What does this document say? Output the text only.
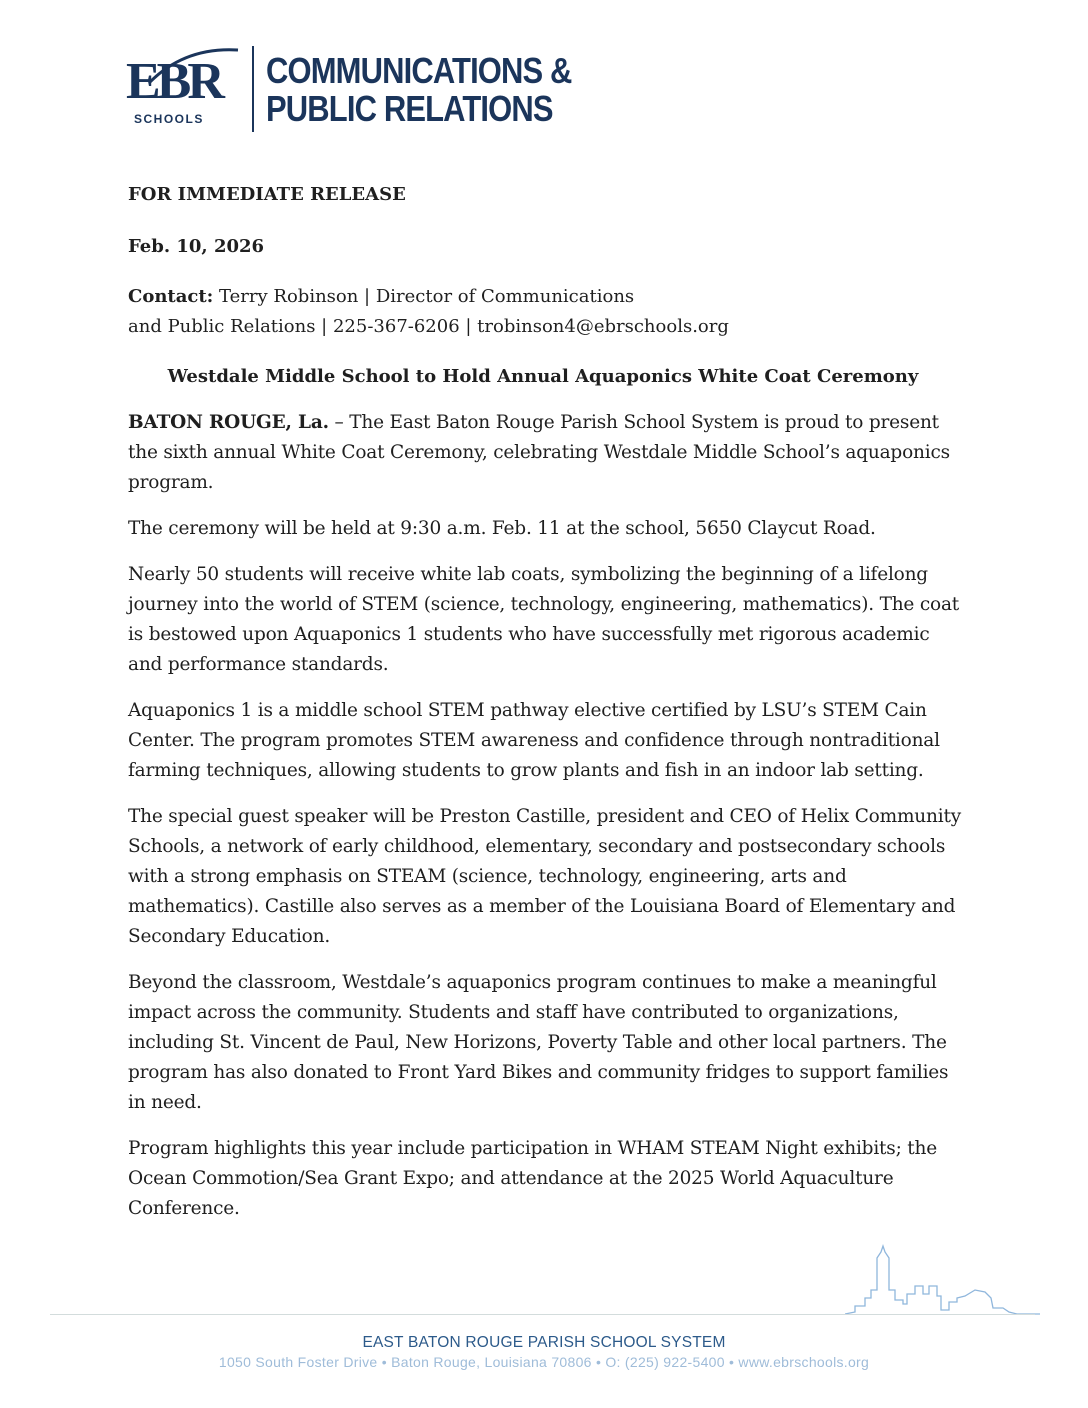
EBR
SCHOOLS
COMMUNICATIONS &
PUBLIC RELATIONS

FOR IMMEDIATE RELEASE

Feb. 10, 2026

Contact: Terry Robinson | Director of Communications
and Public Relations | 225-367-6206 | trobinson4@ebrschools.org

Westdale Middle School to Hold Annual Aquaponics White Coat Ceremony

BATON ROUGE, La. – The East Baton Rouge Parish School System is proud to present the sixth annual White Coat Ceremony, celebrating Westdale Middle School’s aquaponics program.

The ceremony will be held at 9:30 a.m. Feb. 11 at the school, 5650 Claycut Road.

Nearly 50 students will receive white lab coats, symbolizing the beginning of a lifelong journey into the world of STEM (science, technology, engineering, mathematics). The coat is bestowed upon Aquaponics 1 students who have successfully met rigorous academic and performance standards.

Aquaponics 1 is a middle school STEM pathway elective certified by LSU’s STEM Cain Center. The program promotes STEM awareness and confidence through nontraditional farming techniques, allowing students to grow plants and fish in an indoor lab setting.

The special guest speaker will be Preston Castille, president and CEO of Helix Community Schools, a network of early childhood, elementary, secondary and postsecondary schools with a strong emphasis on STEAM (science, technology, engineering, arts and mathematics). Castille also serves as a member of the Louisiana Board of Elementary and Secondary Education.

Beyond the classroom, Westdale’s aquaponics program continues to make a meaningful impact across the community. Students and staff have contributed to organizations, including St. Vincent de Paul, New Horizons, Poverty Table and other local partners. The program has also donated to Front Yard Bikes and community fridges to support families in need.

Program highlights this year include participation in WHAM STEAM Night exhibits; the Ocean Commotion/Sea Grant Expo; and attendance at the 2025 World Aquaculture Conference.

EAST BATON ROUGE PARISH SCHOOL SYSTEM
1050 South Foster Drive • Baton Rouge, Louisiana 70806 • O: (225) 922-5400 • www.ebrschools.org
